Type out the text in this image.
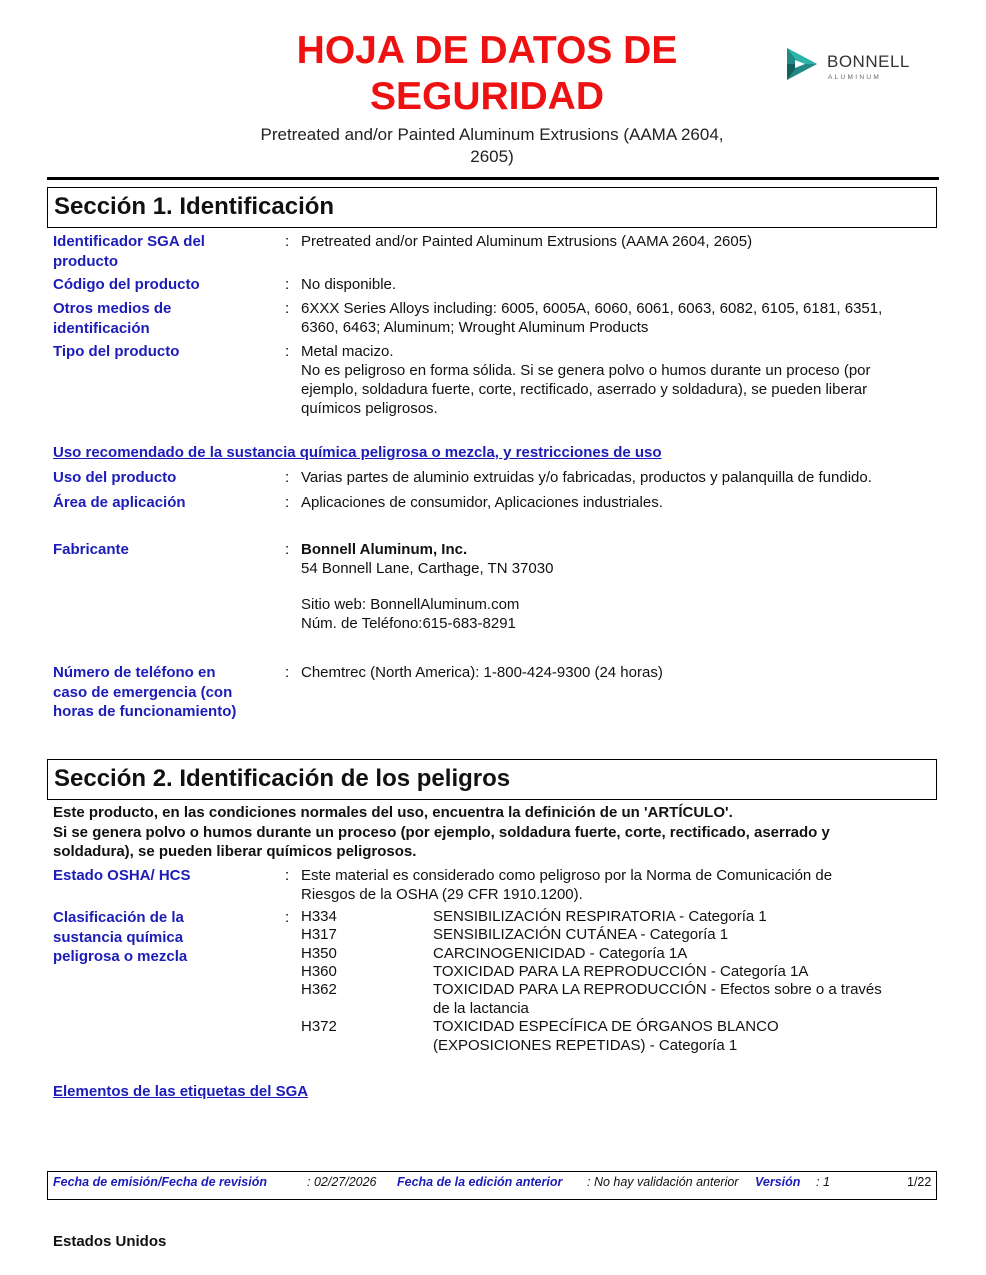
HOJA DE DATOS DE
SEGURIDAD
Pretreated and/or Painted Aluminum Extrusions (AAMA 2604,
2605)
BONNELL
ALUMINUM
Sección 1. Identificación
Identificador SGA del
producto
: Pretreated and/or Painted Aluminum Extrusions (AAMA 2604, 2605)
Código del producto	: No disponible.
Otros medios de
identificación
: 6XXX Series Alloys including: 6005, 6005A, 6060, 6061, 6063, 6082, 6105, 6181, 6351,
6360, 6463; Aluminum; Wrought Aluminum Products
Tipo del producto	: Metal macizo.
No es peligroso en forma sólida. Si se genera polvo o humos durante un proceso (por
ejemplo, soldadura fuerte, corte, rectificado, aserrado y soldadura), se pueden liberar
químicos peligrosos.
Uso recomendado de la sustancia química peligrosa o mezcla, y restricciones de uso
Uso del producto	: Varias partes de aluminio extruidas y/o fabricadas, productos y palanquilla de fundido.
Área de aplicación	: Aplicaciones de consumidor, Aplicaciones industriales.
Fabricante	: Bonnell Aluminum, Inc.
54 Bonnell Lane, Carthage, TN 37030
Sitio web: BonnellAluminum.com
Núm. de Teléfono:615-683-8291
Número de teléfono en
caso de emergencia (con
horas de funcionamiento)
: Chemtrec (North America): 1-800-424-9300 (24 horas)
Sección 2. Identificación de los peligros
Este producto, en las condiciones normales del uso, encuentra la definición de un 'ARTÍCULO'.
Si se genera polvo o humos durante un proceso (por ejemplo, soldadura fuerte, corte, rectificado, aserrado y
soldadura), se pueden liberar químicos peligrosos.
Estado OSHA/ HCS	: Este material es considerado como peligroso por la Norma de Comunicación de
Riesgos de la OSHA (29 CFR 1910.1200).
Clasificación de la
sustancia química
peligrosa o mezcla
: H334	SENSIBILIZACIÓN RESPIRATORIA - Categoría 1
H317	SENSIBILIZACIÓN CUTÁNEA - Categoría 1
H350	CARCINOGENICIDAD - Categoría 1A
H360	TOXICIDAD PARA LA REPRODUCCIÓN - Categoría 1A
H362	TOXICIDAD PARA LA REPRODUCCIÓN - Efectos sobre o a través
de la lactancia
H372	TOXICIDAD ESPECÍFICA DE ÓRGANOS BLANCO
(EXPOSICIONES REPETIDAS) - Categoría 1
Elementos de las etiquetas del SGA
Fecha de emisión/Fecha de revisión	: 02/27/2026 Fecha de la edición anterior : No hay validación anterior Versión : 1	1/22
Estados Unidos
